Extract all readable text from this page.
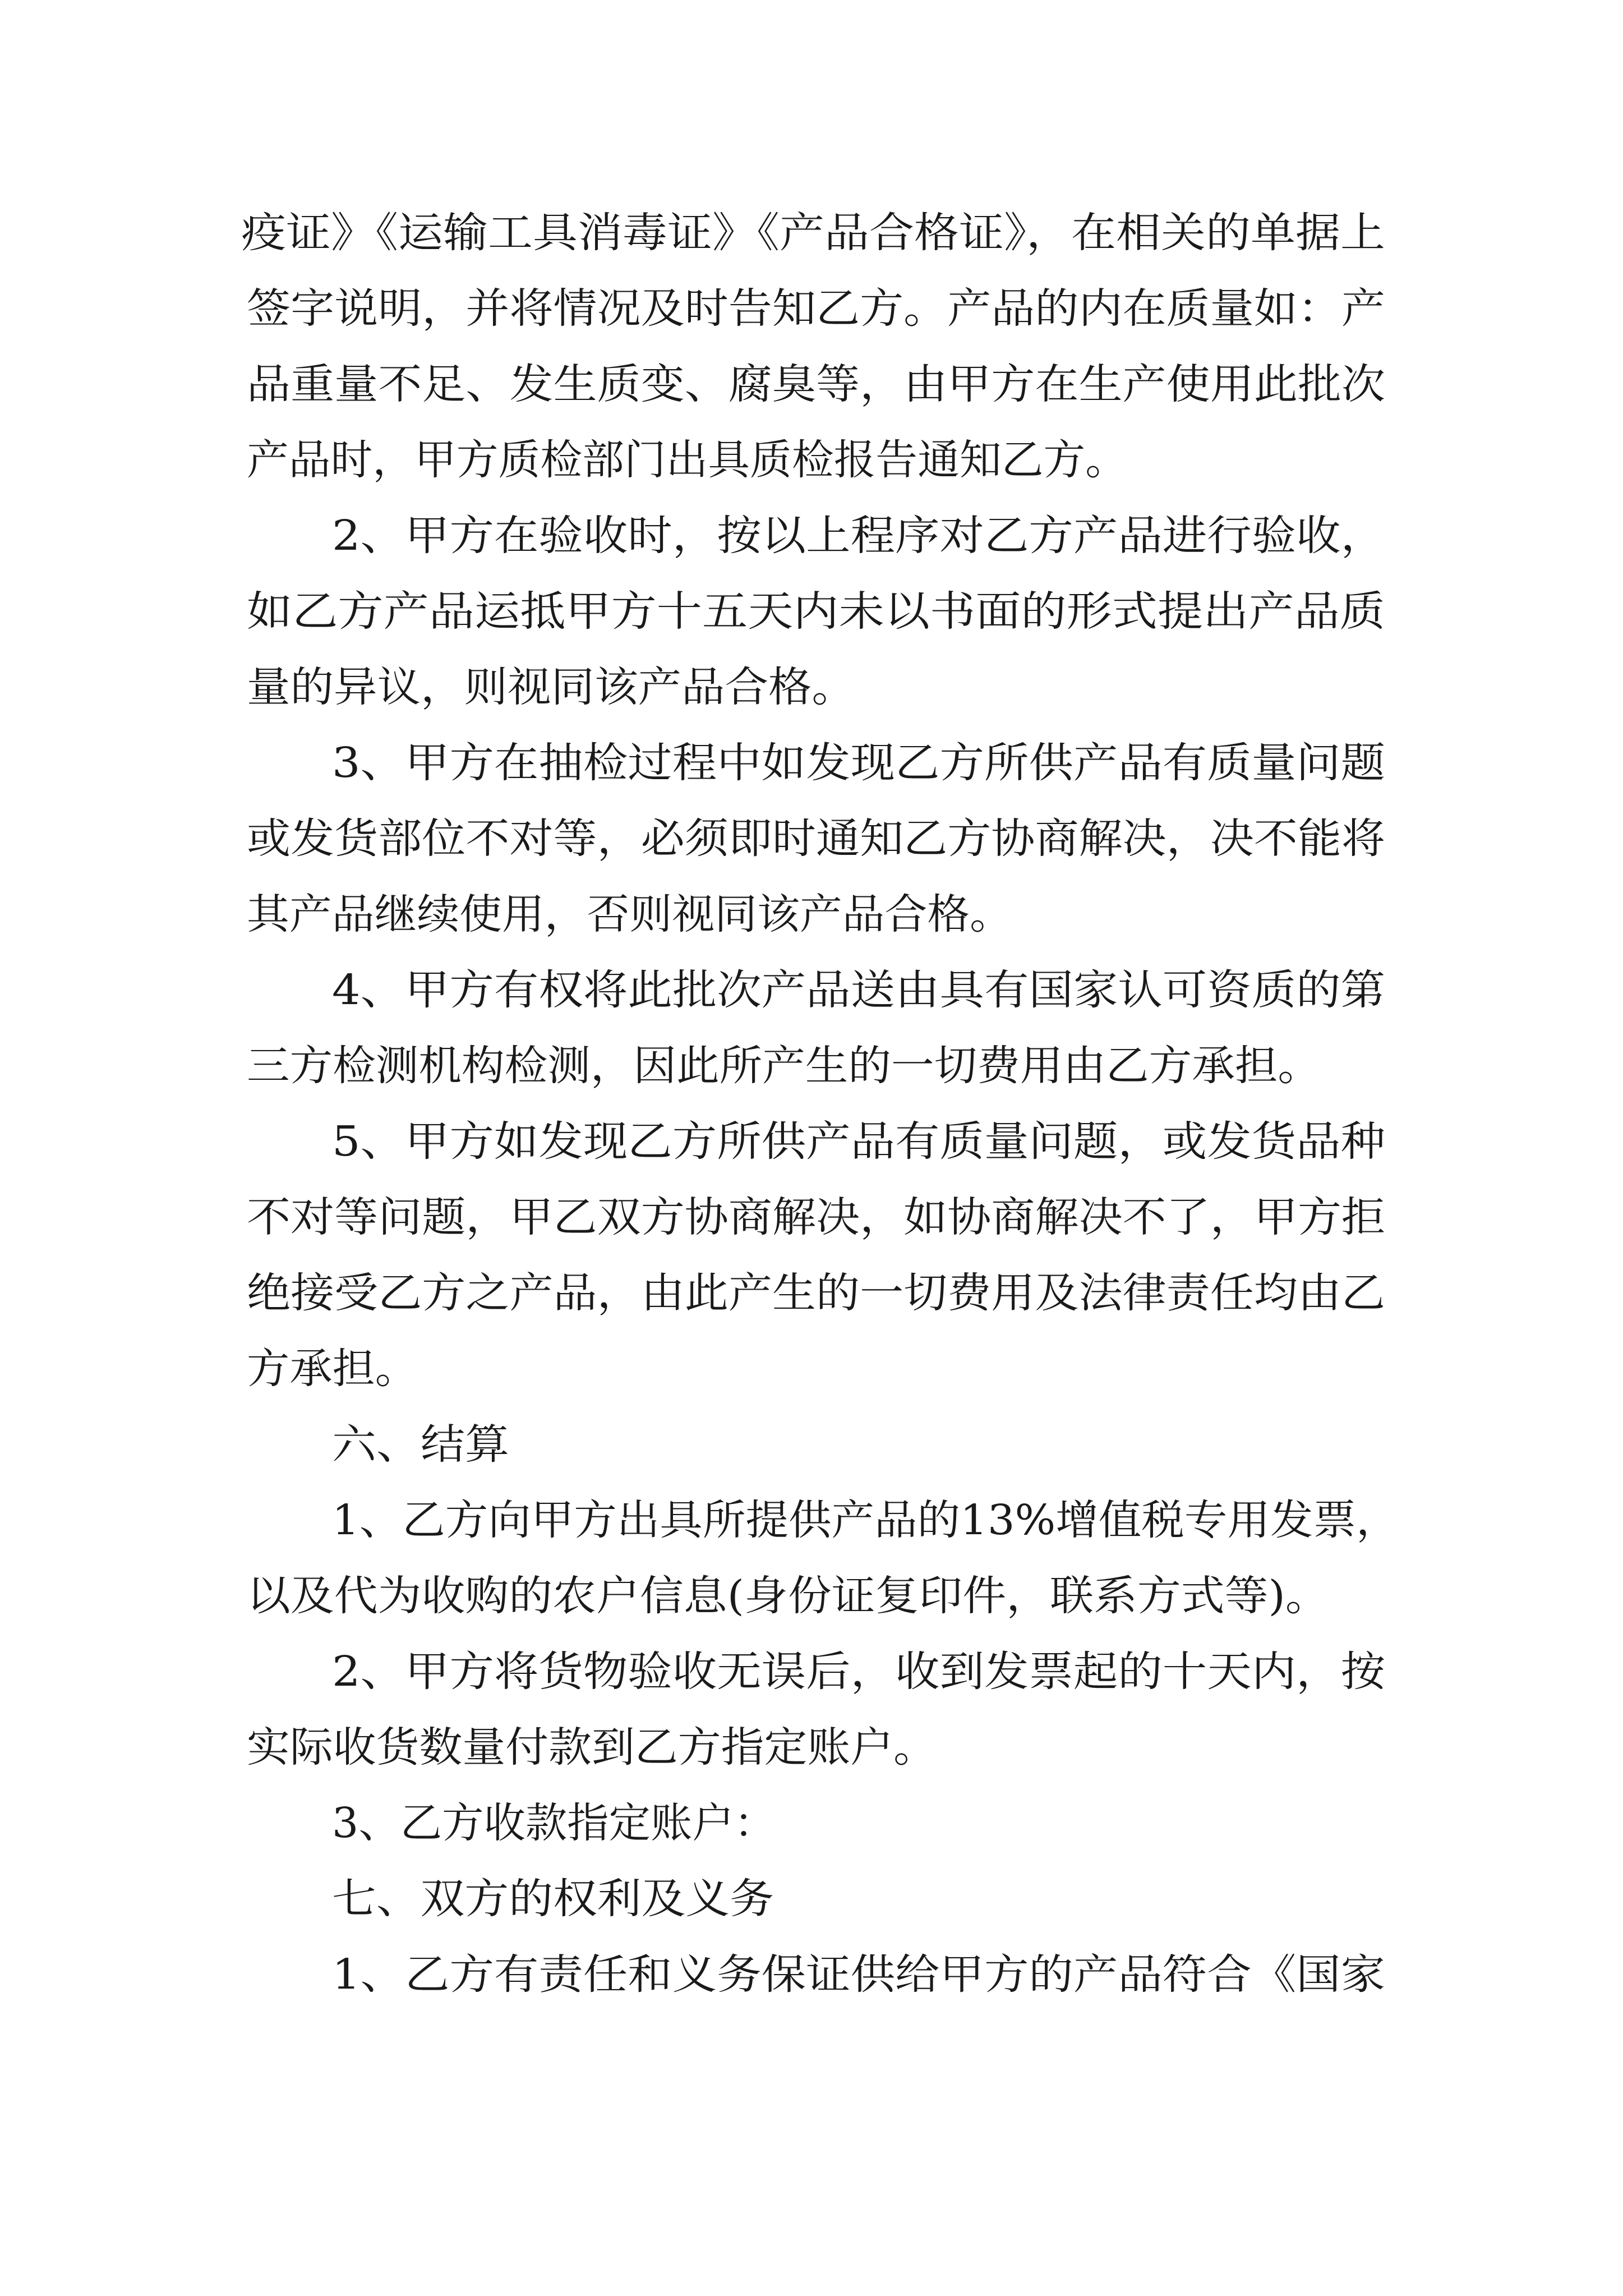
疫证》《运输工具消毒证》《产品合格证》，在相关的单据上
签字说明，并将情况及时告知乙方。产品的内在质量如：产
品重量不足、发生质变、腐臭等，由甲方在生产使用此批次
产品时，甲方质检部门出具质检报告通知乙方。
2、甲方在验收时，按以上程序对乙方产品进行验收，
如乙方产品运抵甲方十五天内未以书面的形式提出产品质
量的异议，则视同该产品合格。
3、甲方在抽检过程中如发现乙方所供产品有质量问题
或发货部位不对等，必须即时通知乙方协商解决，决不能将
其产品继续使用，否则视同该产品合格。
4、甲方有权将此批次产品送由具有国家认可资质的第
三方检测机构检测，因此所产生的一切费用由乙方承担。
5、甲方如发现乙方所供产品有质量问题，或发货品种
不对等问题，甲乙双方协商解决，如协商解决不了，甲方拒
绝接受乙方之产品，由此产生的一切费用及法律责任均由乙
方承担。
六、结算
1、乙方向甲方出具所提供产品的13%增值税专用发票，
以及代为收购的农户信息(身份证复印件，联系方式等)。
2、甲方将货物验收无误后，收到发票起的十天内，按
实际收货数量付款到乙方指定账户。
3、乙方收款指定账户：
七、双方的权利及义务
1、乙方有责任和义务保证供给甲方的产品符合《国家
